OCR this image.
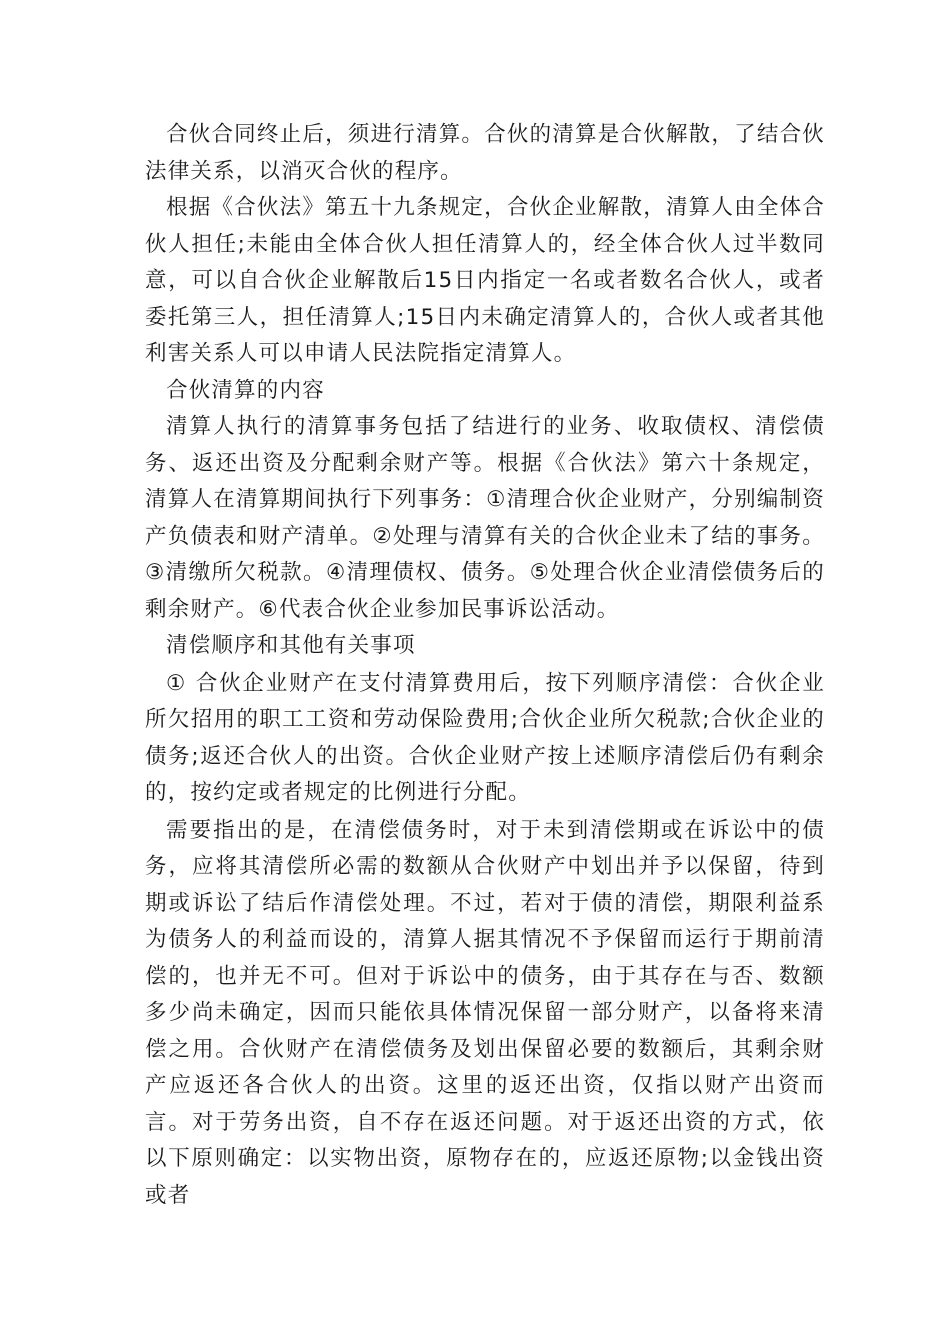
合伙合同终止后，须进行清算。合伙的清算是合伙解散，了结合伙法律关系，以消灭合伙的程序。

根据《合伙法》第五十九条规定，合伙企业解散，清算人由全体合伙人担任;未能由全体合伙人担任清算人的，经全体合伙人过半数同意，可以自合伙企业解散后15日内指定一名或者数名合伙人，或者委托第三人，担任清算人;15日内未确定清算人的，合伙人或者其他利害关系人可以申请人民法院指定清算人。

合伙清算的内容

清算人执行的清算事务包括了结进行的业务、收取债权、清偿债务、返还出资及分配剩余财产等。根据《合伙法》第六十条规定，清算人在清算期间执行下列事务：①清理合伙企业财产，分别编制资产负债表和财产清单。②处理与清算有关的合伙企业未了结的事务。③清缴所欠税款。④清理债权、债务。⑤处理合伙企业清偿债务后的剩余财产。⑥代表合伙企业参加民事诉讼活动。

清偿顺序和其他有关事项

① 合伙企业财产在支付清算费用后，按下列顺序清偿：合伙企业所欠招用的职工工资和劳动保险费用;合伙企业所欠税款;合伙企业的债务;返还合伙人的出资。合伙企业财产按上述顺序清偿后仍有剩余的，按约定或者规定的比例进行分配。

需要指出的是，在清偿债务时，对于未到清偿期或在诉讼中的债务，应将其清偿所必需的数额从合伙财产中划出并予以保留，待到期或诉讼了结后作清偿处理。不过，若对于债的清偿，期限利益系为债务人的利益而设的，清算人据其情况不予保留而运行于期前清偿的，也并无不可。但对于诉讼中的债务，由于其存在与否、数额多少尚未确定，因而只能依具体情况保留一部分财产，以备将来清偿之用。合伙财产在清偿债务及划出保留必要的数额后，其剩余财产应返还各合伙人的出资。这里的返还出资，仅指以财产出资而言。对于劳务出资，自不存在返还问题。对于返还出资的方式，依以下原则确定：以实物出资，原物存在的，应返还原物;以金钱出资或者
